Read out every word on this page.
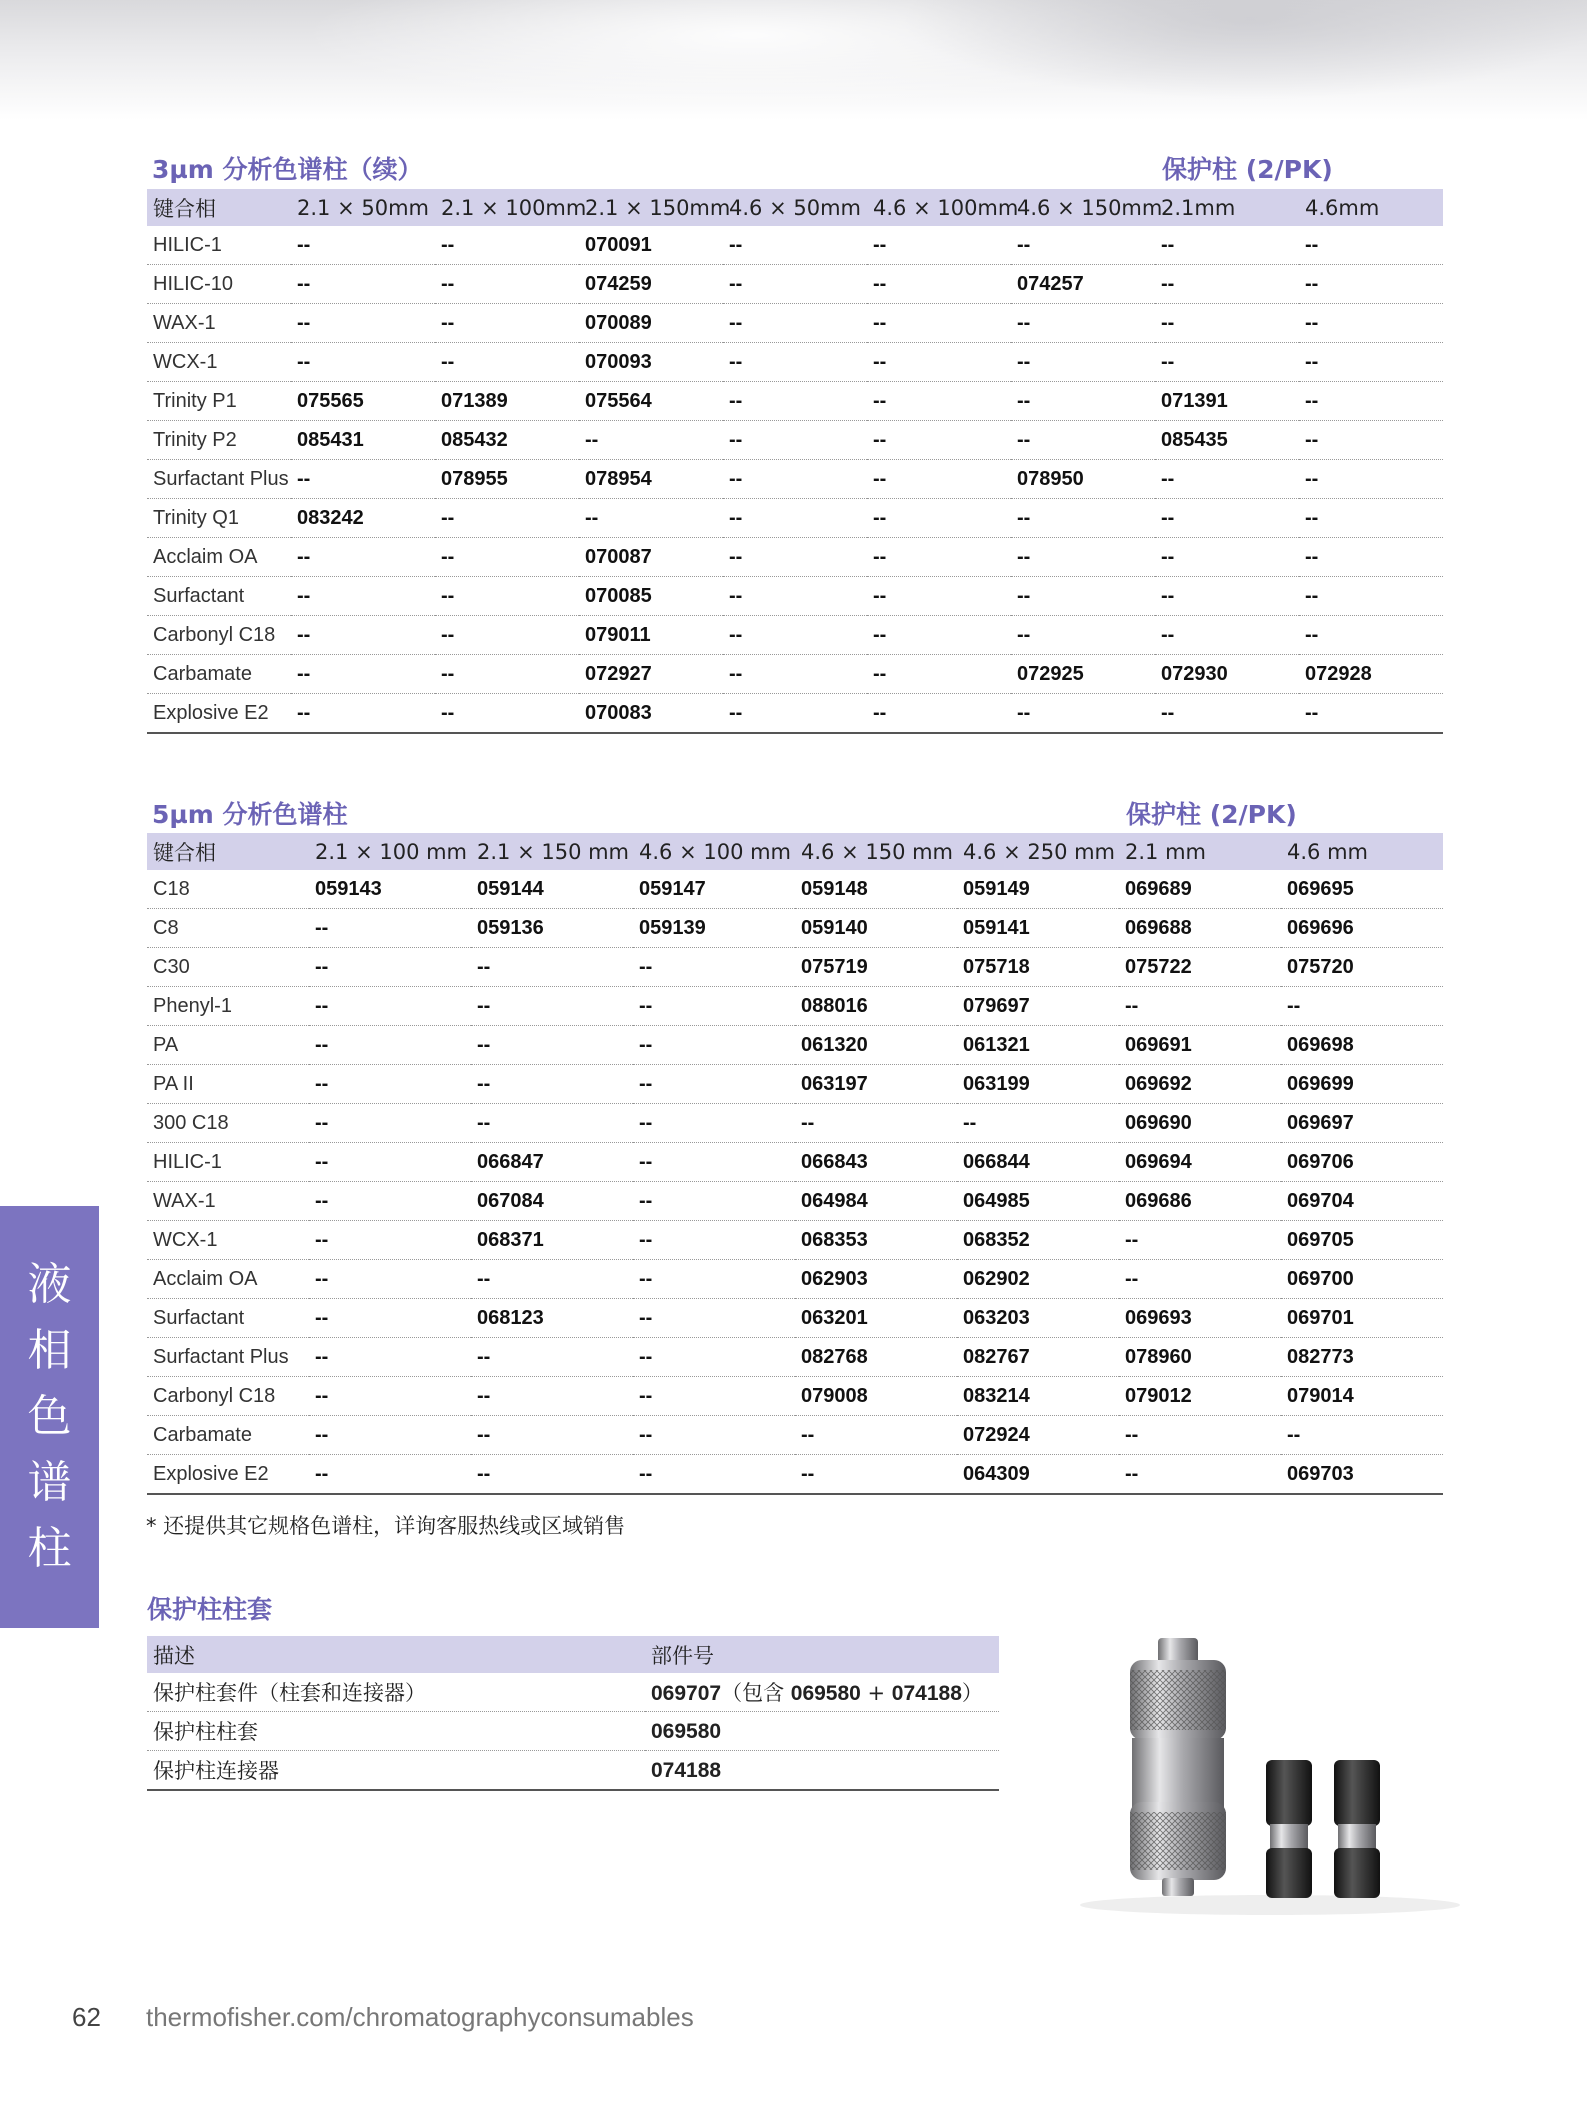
3µm 分析色谱柱（续）	保护柱 (2/PK)
键合相	2.1 × 50mm	2.1 × 100mm	2.1 × 150mm	4.6 × 50mm	4.6 × 100mm	4.6 × 150mm	2.1mm	4.6mm
HILIC-1	--	--	070091	--	--	--	--	--
HILIC-10	--	--	074259	--	--	074257	--	--
WAX-1	--	--	070089	--	--	--	--	--
WCX-1	--	--	070093	--	--	--	--	--
Trinity P1	075565	071389	075564	--	--	--	071391	--
Trinity P2	085431	085432	--	--	--	--	085435	--
Surfactant Plus	--	078955	078954	--	--	078950	--	--
Trinity Q1	083242	--	--	--	--	--	--	--
Acclaim OA	--	--	070087	--	--	--	--	--
Surfactant	--	--	070085	--	--	--	--	--
Carbonyl C18	--	--	079011	--	--	--	--	--
Carbamate	--	--	072927	--	--	072925	072930	072928
Explosive E2	--	--	070083	--	--	--	--	--
5µm 分析色谱柱	保护柱 (2/PK)
键合相	2.1 × 100 mm	2.1 × 150 mm	4.6 × 100 mm	4.6 × 150 mm	4.6 × 250 mm	2.1 mm	4.6 mm
C18	059143	059144	059147	059148	059149	069689	069695
C8	--	059136	059139	059140	059141	069688	069696
C30	--	--	--	075719	075718	075722	075720
Phenyl-1	--	--	--	088016	079697	--	--
PA	--	--	--	061320	061321	069691	069698
PA II	--	--	--	063197	063199	069692	069699
300 C18	--	--	--	--	--	069690	069697
HILIC-1	--	066847	--	066843	066844	069694	069706
WAX-1	--	067084	--	064984	064985	069686	069704
WCX-1	--	068371	--	068353	068352	--	069705
Acclaim OA	--	--	--	062903	062902	--	069700
Surfactant	--	068123	--	063201	063203	069693	069701
Surfactant Plus	--	--	--	082768	082767	078960	082773
Carbonyl C18	--	--	--	079008	083214	079012	079014
Carbamate	--	--	--	--	072924	--	--
Explosive E2	--	--	--	--	064309	--	069703
* 还提供其它规格色谱柱，详询客服热线或区域销售
液
相
色
谱
柱
保护柱柱套
描述	部件号
保护柱套件（柱套和连接器）	069707（包含 069580 + 074188）
保护柱柱套	069580
保护柱连接器	074188
62 thermofisher.com/chromatographyconsumables
